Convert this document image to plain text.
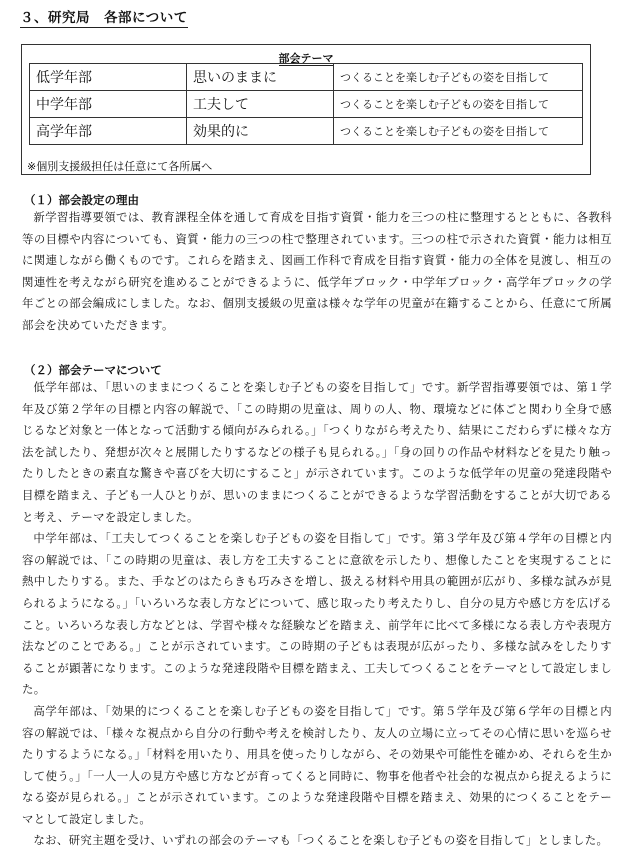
３、研究局　各部について
部会テーマ
低学年部	思いのままに	つくることを楽しむ子どもの姿を目指して
中学年部	工夫して	つくることを楽しむ子どもの姿を目指して
高学年部	効果的に	つくることを楽しむ子どもの姿を目指して
※個別支援級担任は任意にて各所属へ
（１）部会設定の理由

新学習指導要領では、教育課程全体を通して育成を目指す資質・能力を三つの柱に整理するとともに、各教科等の目標や内容についても、資質・能力の三つの柱で整理されています。三つの柱で示された資質・能力は相互に関連しながら働くものです。これらを踏まえ、図画工作科で育成を目指す資質・能力の全体を見渡し、相互の関連性を考えながら研究を進めることができるように、低学年ブロック・中学年ブロック・高学年ブロックの学年ごとの部会編成にしました。なお、個別支援級の児童は様々な学年の児童が在籍することから、任意にて所属部会を決めていただきます。

（２）部会テーマについて

低学年部は、「思いのままにつくることを楽しむ子どもの姿を目指して」です。新学習指導要領では、第１学年及び第２学年の目標と内容の解説で、「この時期の児童は、周りの人、物、環境などに体ごと関わり全身で感じるなど対象と一体となって活動する傾向がみられる。」「つくりながら考えたり、結果にこだわらずに様々な方法を試したり、発想が次々と展開したりするなどの様子も見られる。」「身の回りの作品や材料などを見たり触ったりしたときの素直な驚きや喜びを大切にすること」が示されています。このような低学年の児童の発達段階や目標を踏まえ、子ども一人ひとりが、思いのままにつくることができるような学習活動をすることが大切であると考え、テーマを設定しました。

中学年部は、「工夫してつくることを楽しむ子どもの姿を目指して」です。第３学年及び第４学年の目標と内容の解説では、「この時期の児童は、表し方を工夫することに意欲を示したり、想像したことを実現することに熱中したりする。また、手などのはたらきも巧みさを増し、扱える材料や用具の範囲が広がり、多様な試みが見られるようになる。」「いろいろな表し方などについて、感じ取ったり考えたりし、自分の見方や感じ方を広げること。いろいろな表し方などとは、学習や様々な経験などを踏まえ、前学年に比べて多様になる表し方や表現方法などのことである。」ことが示されています。この時期の子どもは表現が広がったり、多様な試みをしたりすることが顕著になります。このような発達段階や目標を踏まえ、工夫してつくることをテーマとして設定しました。

高学年部は、「効果的につくることを楽しむ子どもの姿を目指して」です。第５学年及び第６学年の目標と内容の解説では、「様々な視点から自分の行動や考えを検討したり、友人の立場に立ってその心情に思いを巡らせたりするようになる。」「材料を用いたり、用具を使ったりしながら、その効果や可能性を確かめ、それらを生かして使う。」「一人一人の見方や感じ方などが育ってくると同時に、物事を他者や社会的な視点から捉えるようになる姿が見られる。」ことが示されています。このような発達段階や目標を踏まえ、効果的につくることをテーマとして設定しました。

なお、研究主題を受け、いずれの部会のテーマも「つくることを楽しむ子どもの姿を目指して」としました。
